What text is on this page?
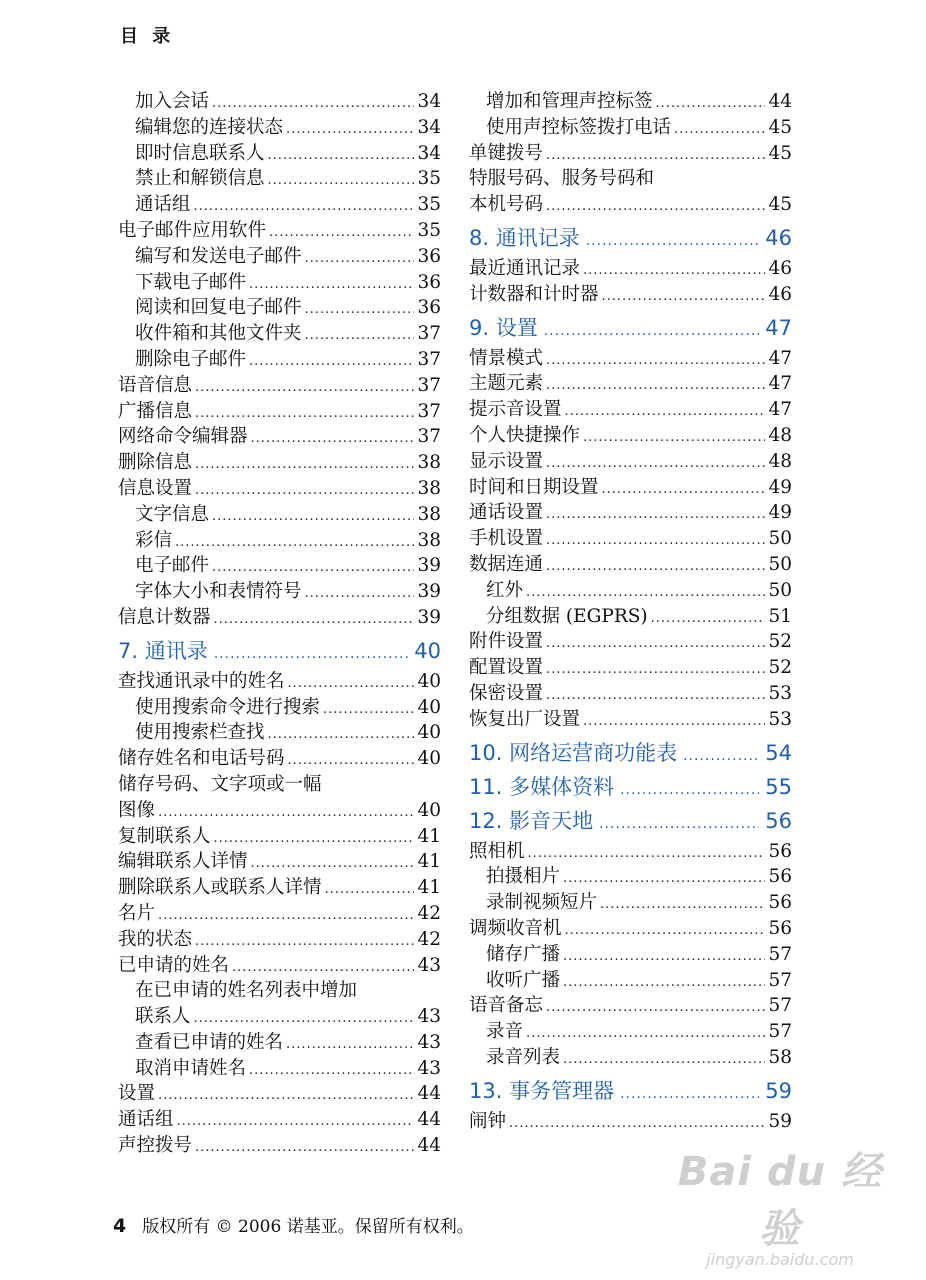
目 录
加入会话 .....	34
编辑您的连接状态 .....	34
即时信息联系人 .....	34
禁止和解锁信息 .....	35
通话组 .....	35
电子邮件应用软件 .....	35
编写和发送电子邮件 .....	36
下载电子邮件 .....	36
阅读和回复电子邮件 .....	36
收件箱和其他文件夹 .....	37
删除电子邮件 .....	37
语音信息 .....	37
广播信息 .....	37
网络命令编辑器 .....	37
删除信息 .....	38
信息设置 .....	38
文字信息 .....	38
彩信 .....	38
电子邮件 .....	39
字体大小和表情符号 .....	39
信息计数器 .....	39
7. 通讯录 .....	40
查找通讯录中的姓名 .....	40
使用搜索命令进行搜索 .....	40
使用搜索栏查找 .....	40
储存姓名和电话号码 .....	40
储存号码、文字项或一幅
图像 .....	40
复制联系人 .....	41
编辑联系人详情 .....	41
删除联系人或联系人详情 .....	41
名片 .....	42
我的状态 .....	42
已申请的姓名 .....	43
在已申请的姓名列表中增加
联系人 .....	43
查看已申请的姓名 .....	43
取消申请姓名 .....	43
设置 .....	44
通话组 .....	44
声控拨号 .....	44
增加和管理声控标签 .....	44
使用声控标签拨打电话 .....	45
单键拨号 .....	45
特服号码、服务号码和
本机号码 .....	45
8. 通讯记录 .....	46
最近通讯记录 .....	46
计数器和计时器 .....	46
9. 设置 .....	47
情景模式 .....	47
主题元素 .....	47
提示音设置 .....	47
个人快捷操作 .....	48
显示设置 .....	48
时间和日期设置 .....	49
通话设置 .....	49
手机设置 .....	50
数据连通 .....	50
红外 .....	50
分组数据 (EGPRS) .....	51
附件设置 .....	52
配置设置 .....	52
保密设置 .....	53
恢复出厂设置 .....	53
10. 网络运营商功能表 .....	54
11. 多媒体资料 .....	55
12. 影音天地 .....	56
照相机 .....	56
拍摄相片 .....	56
录制视频短片 .....	56
调频收音机 .....	56
储存广播 .....	57
收听广播 .....	57
语音备忘 .....	57
录音 .....	57
录音列表 .....	58
13. 事务管理器 .....	59
闹钟 .....	59
4 版权所有 © 2006 诺基亚。保留所有权利。
Bai du 经验
jingyan.baidu.com
